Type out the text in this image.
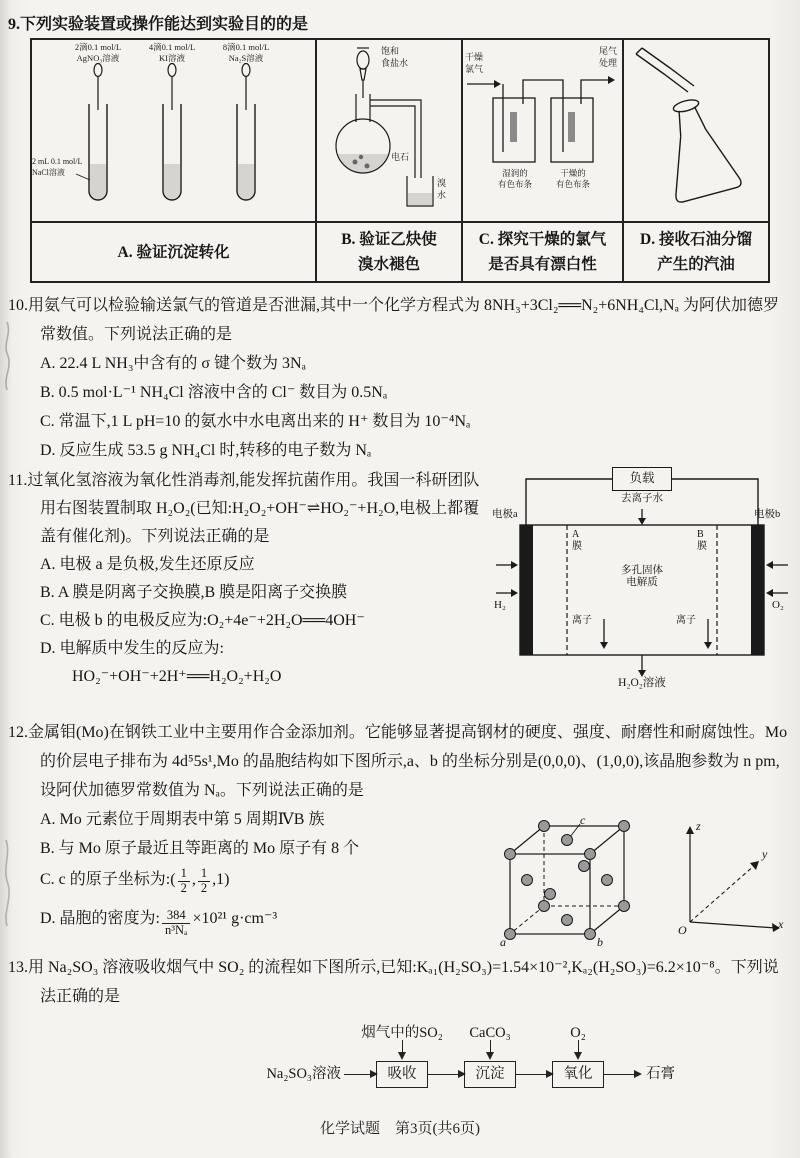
9.下列实验装置或操作能达到实验目的的是
2滴0.1 mol/L
AgNO₃溶液
4滴0.1 mol/L
KI溶液
8滴0.1 mol/L
Na₂S溶液
2 mL 0.1 mol/L
NaCl溶液
饱和
食盐水
电石
溴水
干燥
氯气
尾气
处理
湿润的
有色布条
干燥的
有色布条
A. 验证沉淀转化
B. 验证乙炔使
溴水褪色
C. 探究干燥的氯气
是否具有漂白性
D. 接收石油分馏
产生的汽油
10.用氨气可以检验输送氯气的管道是否泄漏,其中一个化学方程式为 8NH₃+3Cl₂══N₂+6NH₄Cl,Nₐ 为阿伏加德罗常数值。下列说法正确的是
A. 22.4 L NH₃中含有的 σ 键个数为 3Nₐ
B. 0.5 mol·L⁻¹ NH₄Cl 溶液中含的 Cl⁻ 数目为 0.5Nₐ
C. 常温下,1 L pH=10 的氨水中水电离出来的 H⁺ 数目为 10⁻⁴Nₐ
D. 反应生成 53.5 g NH₄Cl 时,转移的电子数为 Nₐ
11.过氧化氢溶液为氧化性消毒剂,能发挥抗菌作用。我国一科研团队用右图装置制取 H₂O₂(已知:H₂O₂+OH⁻⇌HO₂⁻+H₂O,电极上都覆盖有催化剂)。下列说法正确的是
A. 电极 a 是负极,发生还原反应
B. A 膜是阴离子交换膜,B 膜是阳离子交换膜
C. 电极 b 的电极反应为:O₂+4e⁻+2H₂O══4OH⁻
D. 电解质中发生的反应为:
HO₂⁻+OH⁻+2H⁺══H₂O₂+H₂O
负载
去离子水
电极a	电极b
A膜
B膜
多孔固体
电解质
H₂	O₂
离子	离子
H₂O₂溶液
12.金属钼(Mo)在钢铁工业中主要用作合金添加剂。它能够显著提高钢材的硬度、强度、耐磨性和耐腐蚀性。Mo 的价层电子排布为 4d⁵5s¹,Mo 的晶胞结构如下图所示,a、b 的坐标分别是(0,0,0)、(1,0,0),该晶胞参数为 n pm,设阿伏加德罗常数值为 Nₐ。下列说法正确的是
A. Mo 元素位于周期表中第 5 周期ⅣB 族
B. 与 Mo 原子最近且等距离的 Mo 原子有 8 个
C. c 的原子坐标为:( $\frac{1}{2}$ , $\frac{1}{2} ,1$)
D. 晶胞的密度为: $\frac{384}{\text{n³Nₐ}} \times 10^{21}$ g·cm⁻³
a	b
c	z
y
x
O
13.用 Na₂SO₃ 溶液吸收烟气中 SO₂ 的流程如下图所示,已知:Kₐ₁(H₂SO₃)=1.54×10⁻²,Kₐ₂(H₂SO₃)=6.2×10⁻⁸。下列说法正确的是
烟气中的SO₂	CaCO₃	O₂
Na₂SO₃溶液	吸收	沉淀	氧化	石膏
化学试题　第3页(共6页)
